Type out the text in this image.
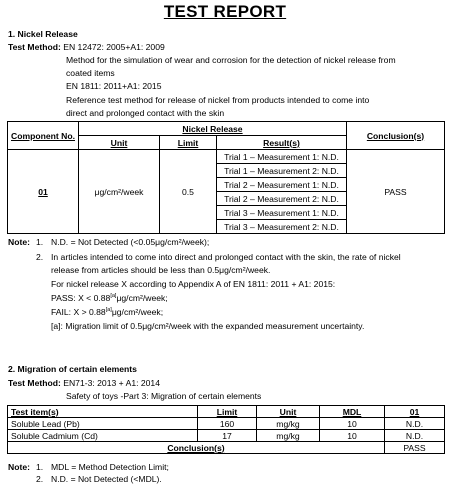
TEST REPORT
1. Nickel Release
Test Method: EN 12472: 2005+A1: 2009
Method for the simulation of wear and corrosion for the detection of nickel release from
coated items
EN 1811: 2011+A1: 2015
Reference test method for release of nickel from products intended to come into
direct and prolonged contact with the skin
Component No.	Nickel Release			Conclusion(s)
	Unit	Limit	Result(s)	
01	μg/cm²/week	0.5	Trial 1 – Measurement 1: N.D.	PASS
			Trial 1 – Measurement 2: N.D.	
			Trial 2 – Measurement 1: N.D.	
			Trial 2 – Measurement 2: N.D.	
			Trial 3 – Measurement 1: N.D.	
			Trial 3 – Measurement 2: N.D.	
Note: 1. N.D. = Not Detected (<0.05μg/cm²/week);
2. In articles intended to come into direct and prolonged contact with the skin, the rate of nickel
release from articles should be less than 0.5μg/cm²/week.
For nickel release X according to Appendix A of EN 1811: 2011 + A1: 2015:
PASS: X < 0.88[a]μg/cm²/week;
FAIL: X > 0.88[a]μg/cm²/week;
[a]: Migration limit of 0.5μg/cm²/week with the expanded measurement uncertainty.
2. Migration of certain elements
Test Method: EN71-3: 2013 + A1: 2014
Safety of toys -Part 3: Migration of certain elements
Test item(s)	Limit	Unit	MDL	01
Soluble Lead (Pb)	160	mg/kg	10	N.D.
Soluble Cadmium (Cd)	17	mg/kg	10	N.D.
Conclusion(s)				PASS
Note: 1. MDL = Method Detection Limit;
2. N.D. = Not Detected (<MDL).
